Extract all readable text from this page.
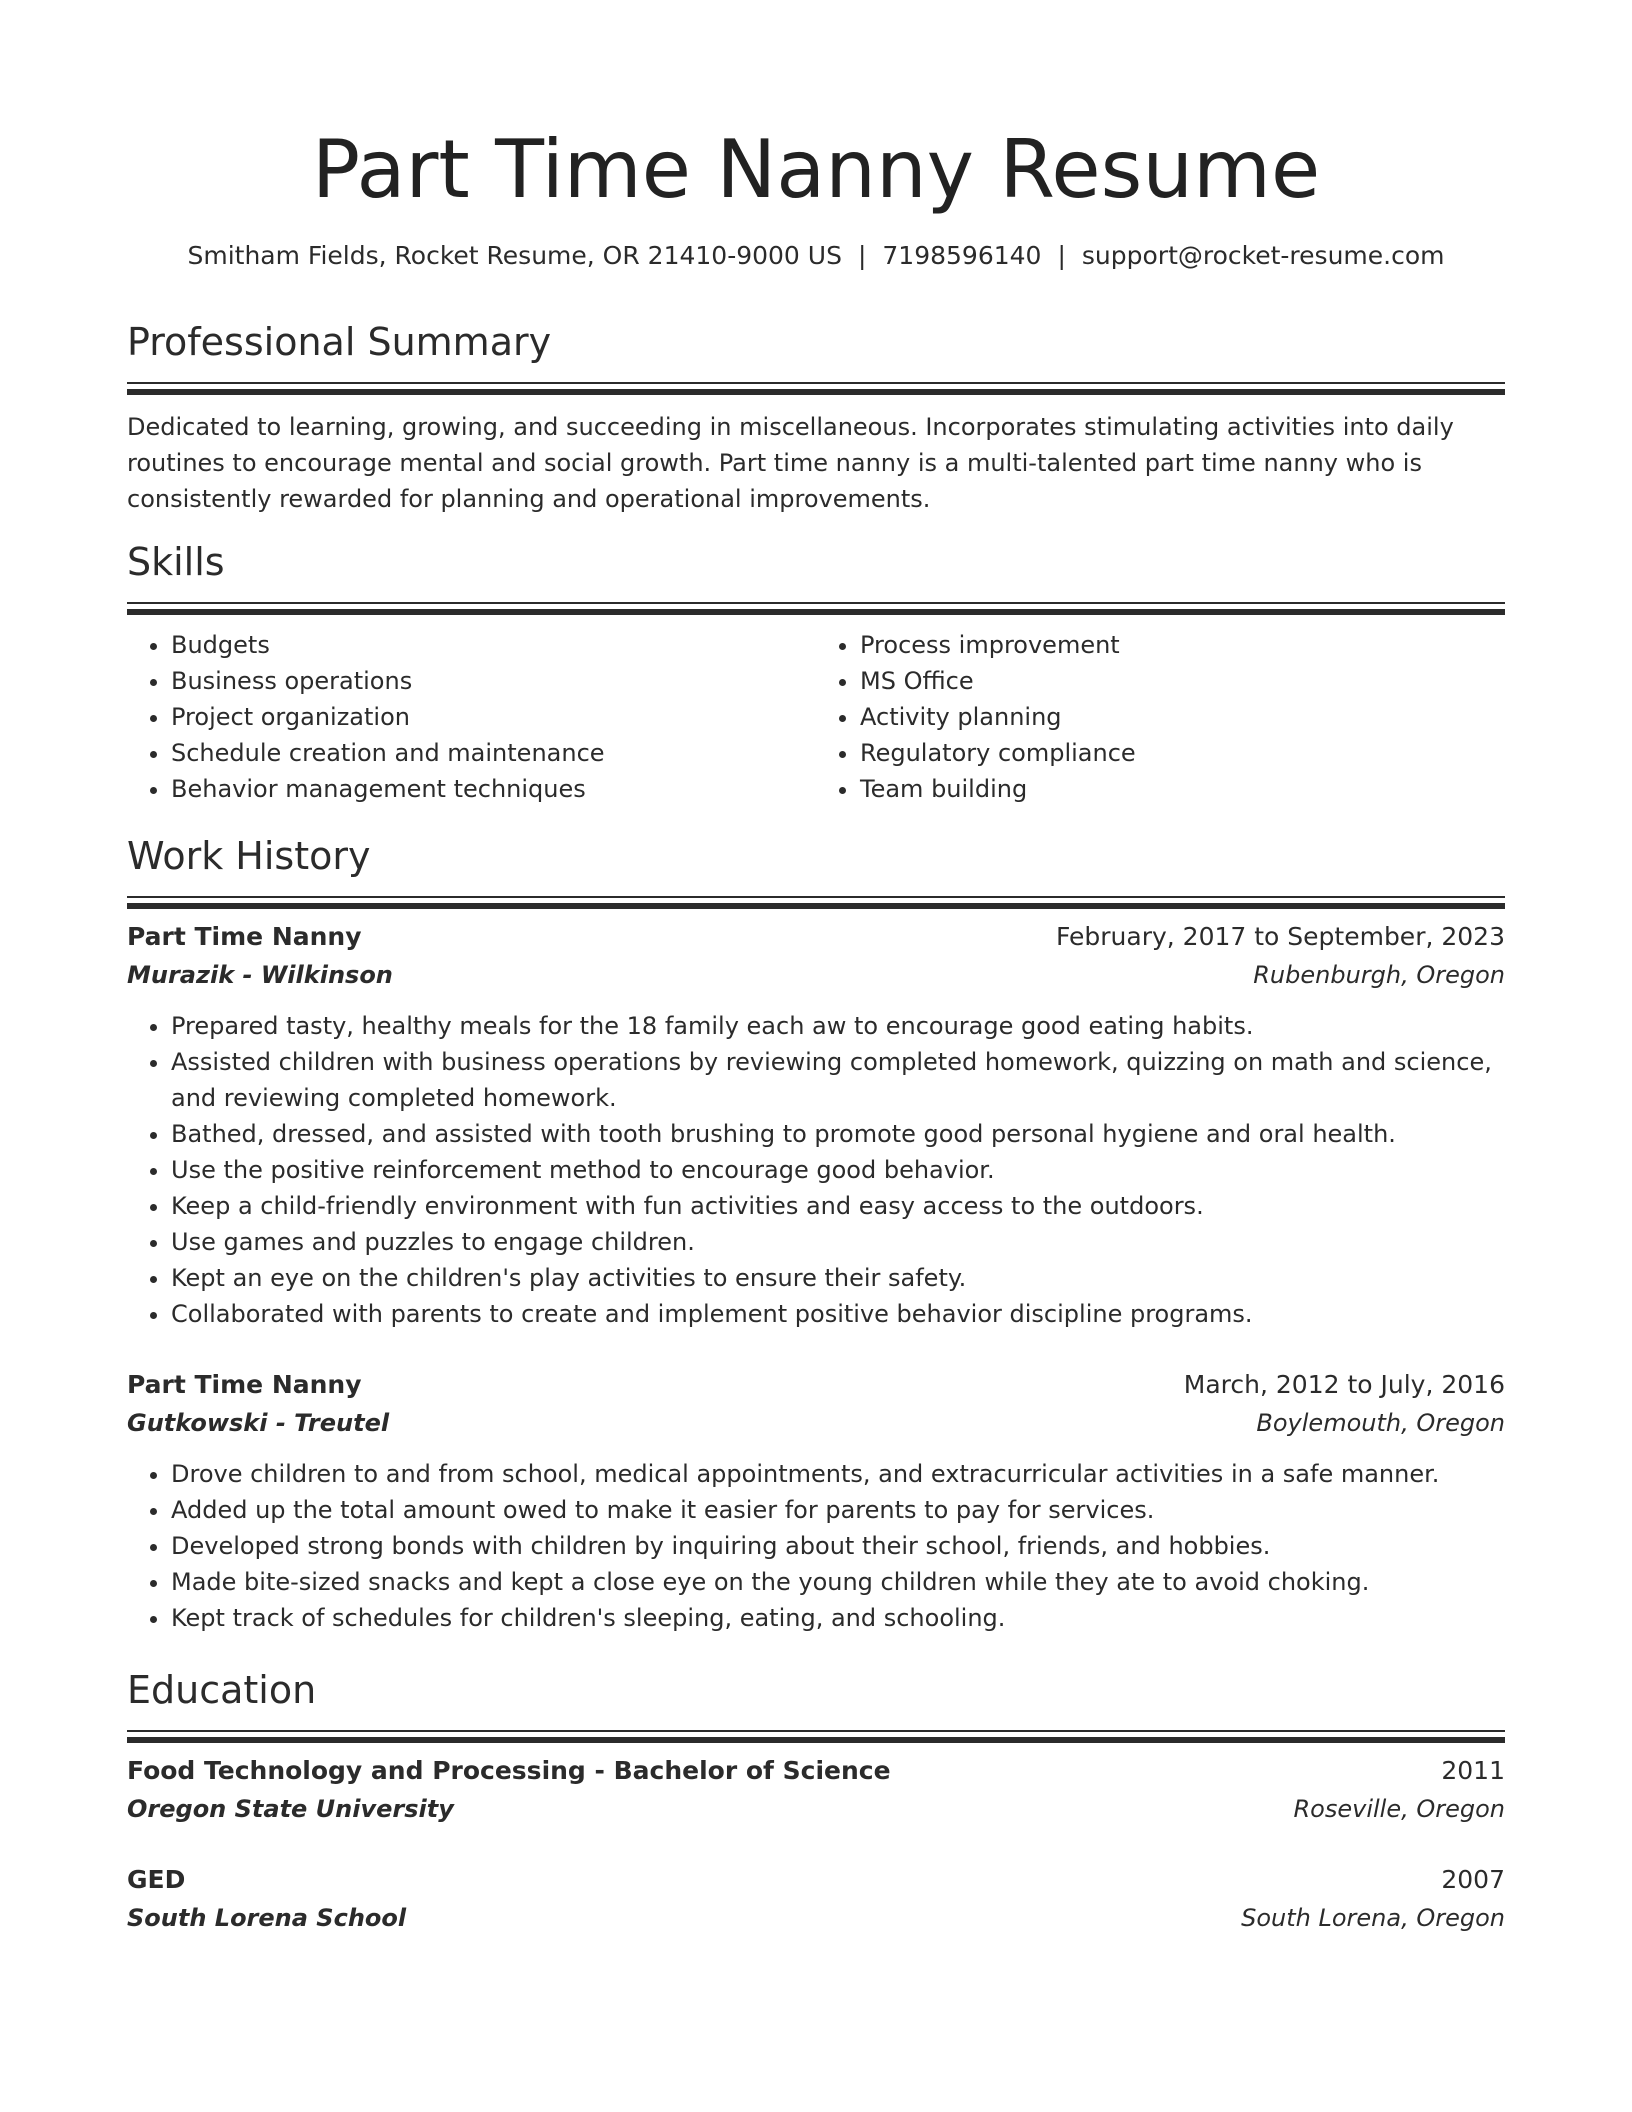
Part Time Nanny Resume
Smitham Fields, Rocket Resume, OR 21410-9000 US | 7198596140 | support@rocket-resume.com
Professional Summary
Dedicated to learning, growing, and succeeding in miscellaneous. Incorporates stimulating activities into daily routines to encourage mental and social growth. Part time nanny is a multi-talented part time nanny who is consistently rewarded for planning and operational improvements.
Skills
• Budgets
• Business operations
• Project organization
• Schedule creation and maintenance
• Behavior management techniques
• Process improvement
• MS Office
• Activity planning
• Regulatory compliance
• Team building
Work History
Part Time Nanny	February, 2017 to September, 2023
Murazik - Wilkinson	Rubenburgh, Oregon
• Prepared tasty, healthy meals for the 18 family each aw to encourage good eating habits.
• Assisted children with business operations by reviewing completed homework, quizzing on math and science, and reviewing completed homework.
• Bathed, dressed, and assisted with tooth brushing to promote good personal hygiene and oral health.
• Use the positive reinforcement method to encourage good behavior.
• Keep a child-friendly environment with fun activities and easy access to the outdoors.
• Use games and puzzles to engage children.
• Kept an eye on the children's play activities to ensure their safety.
• Collaborated with parents to create and implement positive behavior discipline programs.
Part Time Nanny	March, 2012 to July, 2016
Gutkowski - Treutel	Boylemouth, Oregon
• Drove children to and from school, medical appointments, and extracurricular activities in a safe manner.
• Added up the total amount owed to make it easier for parents to pay for services.
• Developed strong bonds with children by inquiring about their school, friends, and hobbies.
• Made bite-sized snacks and kept a close eye on the young children while they ate to avoid choking.
• Kept track of schedules for children's sleeping, eating, and schooling.
Education
Food Technology and Processing - Bachelor of Science	2011
Oregon State University	Roseville, Oregon
GED	2007
South Lorena School	South Lorena, Oregon
